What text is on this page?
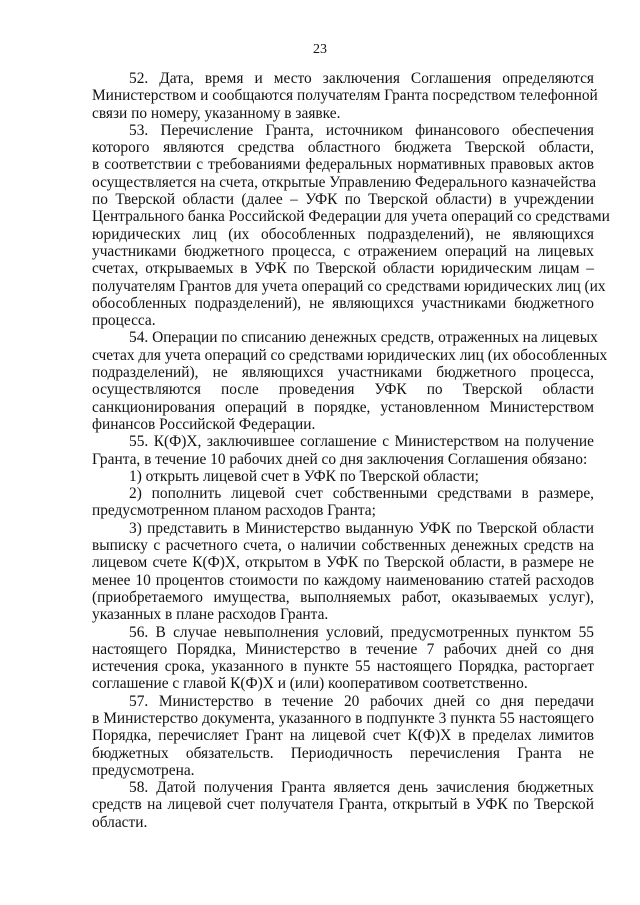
23
52. Дата, время и место заключения Соглашения определяются
Министерством и сообщаются получателям Гранта посредством телефонной
связи по номеру, указанному в заявке.
53. Перечисление Гранта, источником финансового обеспечения
которого являются средства областного бюджета Тверской области,
в соответствии с требованиями федеральных нормативных правовых актов
осуществляется на счета, открытые Управлению Федерального казначейства
по Тверской области (далее – УФК по Тверской области) в учреждении
Центрального банка Российской Федерации для учета операций со средствами
юридических лиц (их обособленных подразделений), не являющихся
участниками бюджетного процесса, с отражением операций на лицевых
счетах, открываемых в УФК по Тверской области юридическим лицам –
получателям Грантов для учета операций со средствами юридических лиц (их
обособленных подразделений), не являющихся участниками бюджетного
процесса.
54. Операции по списанию денежных средств, отраженных на лицевых
счетах для учета операций со средствами юридических лиц (их обособленных
подразделений), не являющихся участниками бюджетного процесса,
осуществляются после проведения УФК по Тверской области
санкционирования операций в порядке, установленном Министерством
финансов Российской Федерации.
55. К(Ф)Х, заключившее соглашение с Министерством на получение
Гранта, в течение 10 рабочих дней со дня заключения Соглашения обязано:
1) открыть лицевой счет в УФК по Тверской области;
2) пополнить лицевой счет собственными средствами в размере,
предусмотренном планом расходов Гранта;
3) представить в Министерство выданную УФК по Тверской области
выписку с расчетного счета, о наличии собственных денежных средств на
лицевом счете К(Ф)Х, открытом в УФК по Тверской области, в размере не
менее 10 процентов стоимости по каждому наименованию статей расходов
(приобретаемого имущества, выполняемых работ, оказываемых услуг),
указанных в плане расходов Гранта.
56. В случае невыполнения условий, предусмотренных пунктом 55
настоящего Порядка, Министерство в течение 7 рабочих дней со дня
истечения срока, указанного в пункте 55 настоящего Порядка, расторгает
соглашение с главой К(Ф)Х и (или) кооперативом соответственно.
57. Министерство в течение 20 рабочих дней со дня передачи
в Министерство документа, указанного в подпункте 3 пункта 55 настоящего
Порядка, перечисляет Грант на лицевой счет К(Ф)Х в пределах лимитов
бюджетных обязательств. Периодичность перечисления Гранта не
предусмотрена.
58. Датой получения Гранта является день зачисления бюджетных
средств на лицевой счет получателя Гранта, открытый в УФК по Тверской
области.
